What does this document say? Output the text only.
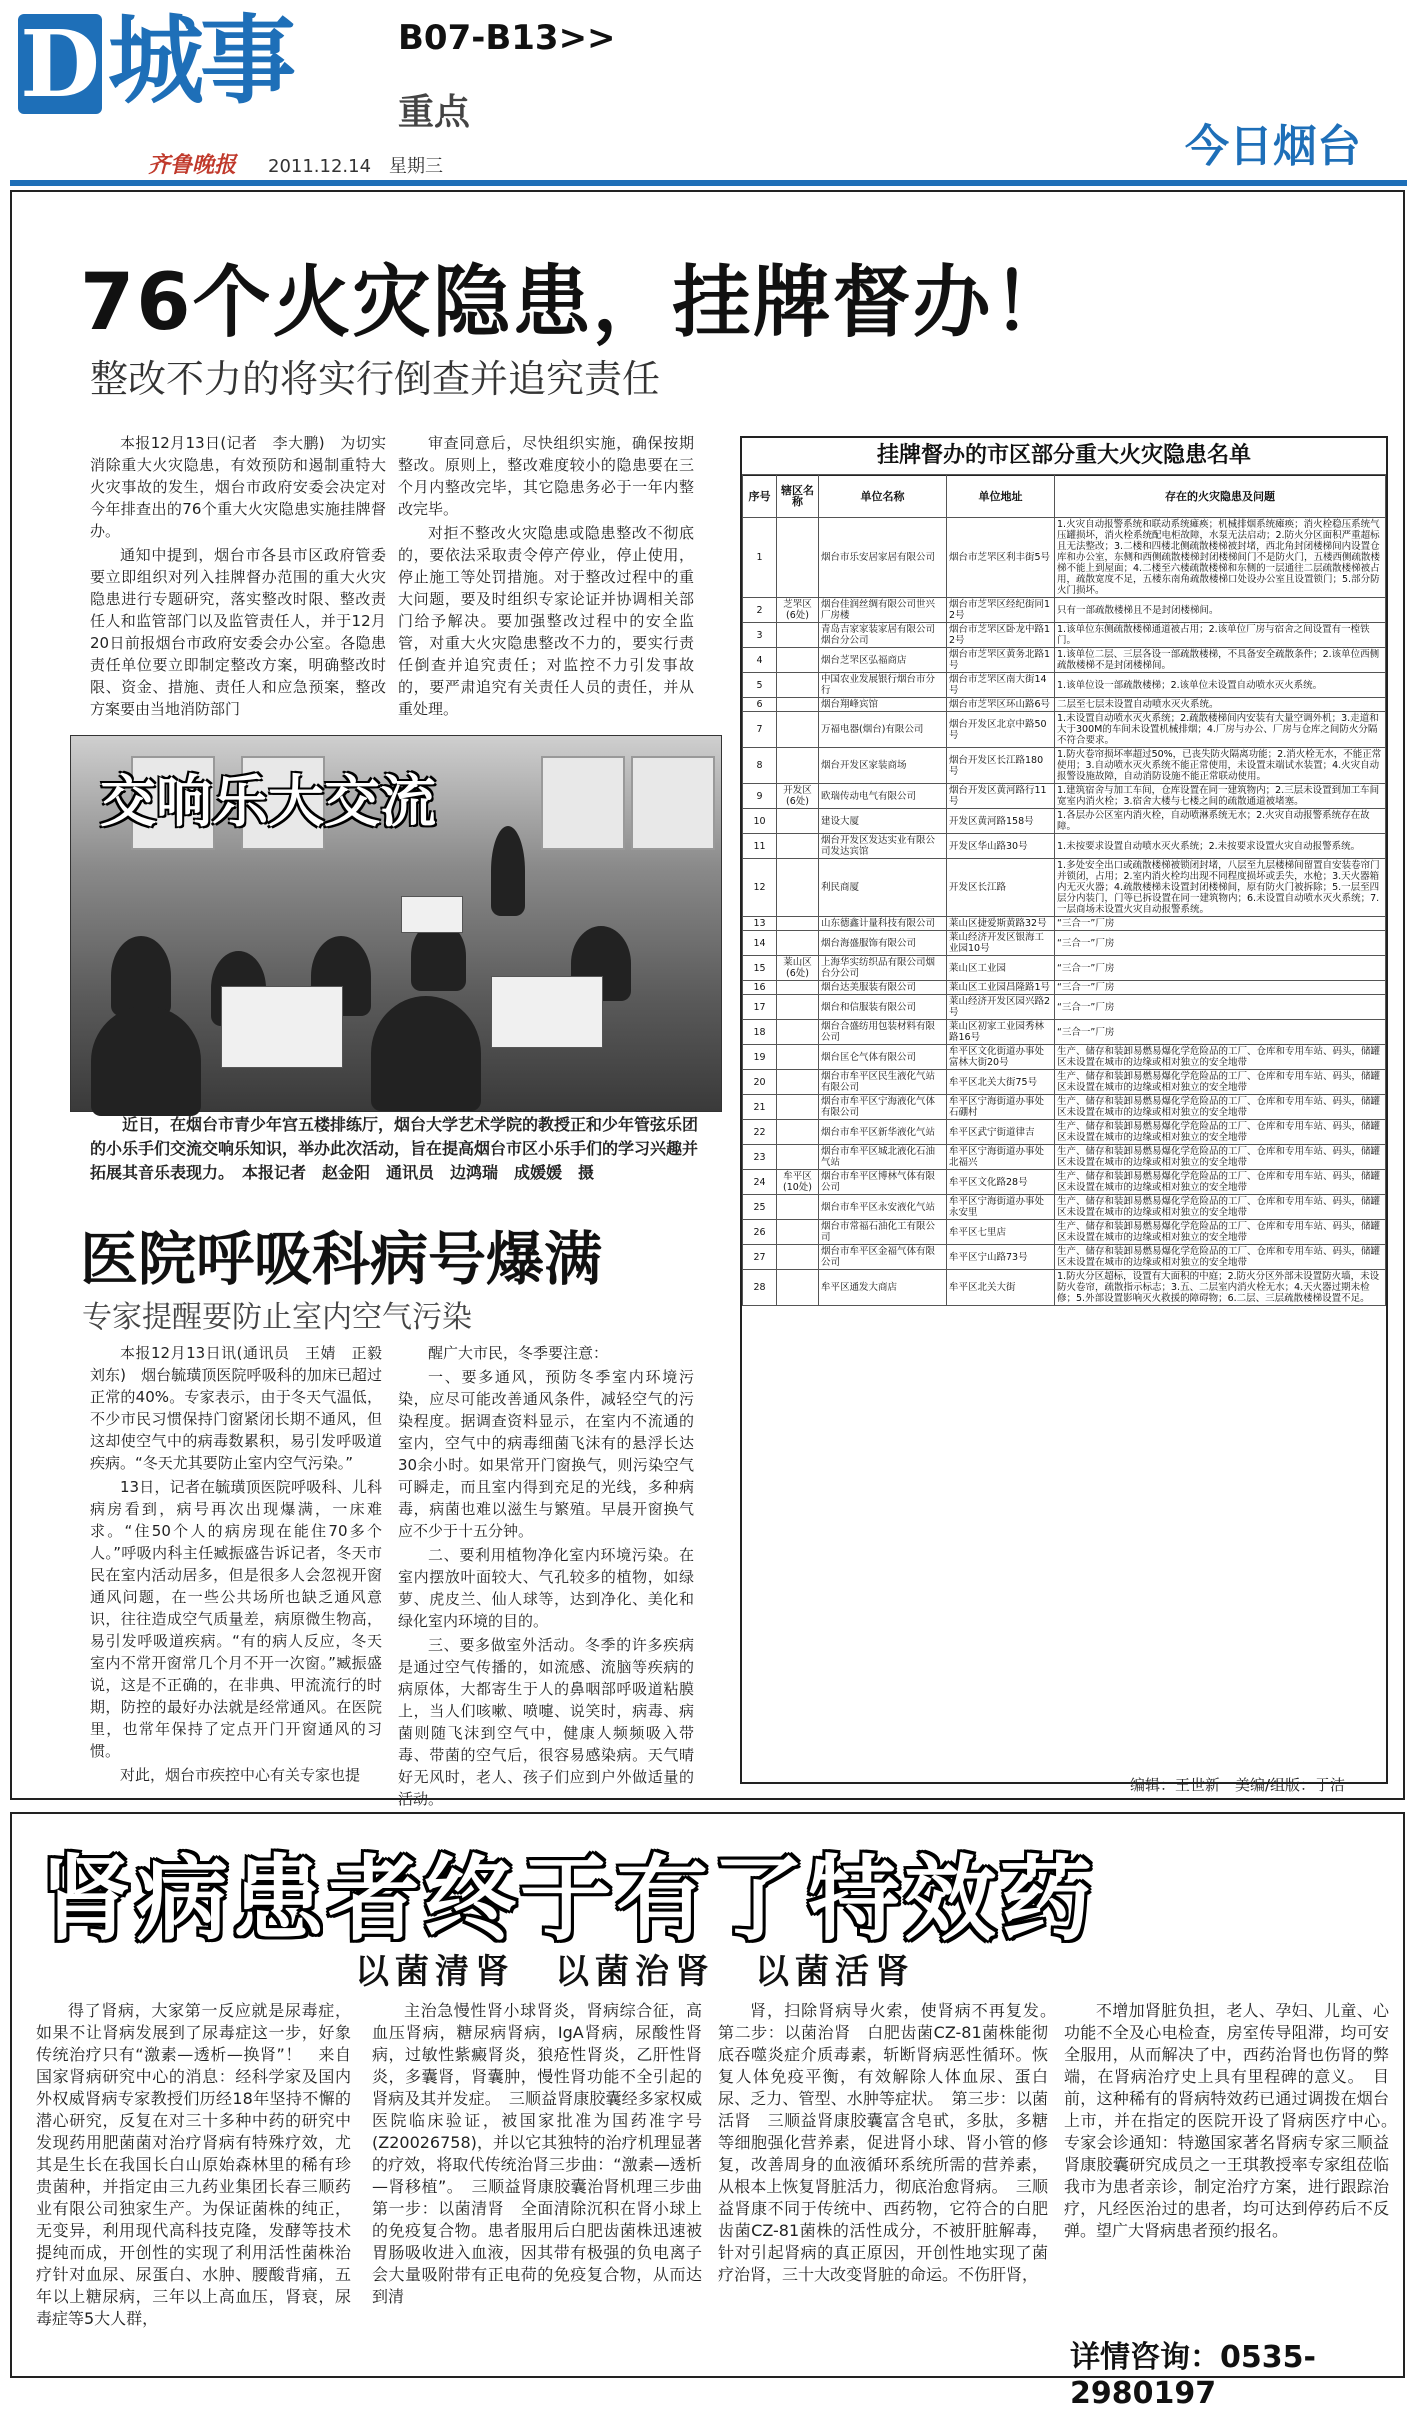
D 城事	B07-B13>>
重点
齐鲁晚报 2011.12.14　星期三	今日烟台
76个火灾隐患，挂牌督办！
整改不力的将实行倒查并追究责任

本报12月13日(记者　李大鹏)　为切实消除重大火灾隐患，有效预防和遏制重特大火灾事故的发生，烟台市政府安委会决定对今年排查出的76个重大火灾隐患实施挂牌督办。

通知中提到，烟台市各县市区政府管委要立即组织对列入挂牌督办范围的重大火灾隐患进行专题研究，落实整改时限、整改责任人和监管部门以及监管责任人，并于12月20日前报烟台市政府安委会办公室。各隐患责任单位要立即制定整改方案，明确整改时限、资金、措施、责任人和应急预案，整改方案要由当地消防部门

审查同意后，尽快组织实施，确保按期整改。原则上，整改难度较小的隐患要在三个月内整改完毕，其它隐患务必于一年内整改完毕。

对拒不整改火灾隐患或隐患整改不彻底的，要依法采取责令停产停业，停止使用，停止施工等处罚措施。对于整改过程中的重大问题，要及时组织专家论证并协调相关部门给予解决。要加强整改过程中的安全监管，对重大火灾隐患整改不力的，要实行责任倒查并追究责任；对监控不力引发事故的，要严肃追究有关责任人员的责任，并从重处理。

交响乐大交流
近日，在烟台市青少年宫五楼排练厅，烟台大学艺术学院的教授正和少年管弦乐团的小乐手们交流交响乐知识，举办此次活动，旨在提高烟台市区小乐手们的学习兴趣并拓展其音乐表现力。　本报记者　赵金阳　通讯员　边鸿瑞　成媛媛　摄
医院呼吸科病号爆满
专家提醒要防止室内空气污染

本报12月13日讯(通讯员　王婧　正毅　刘东)　烟台毓璜顶医院呼吸科的加床已超过正常的40%。专家表示，由于冬天气温低，不少市民习惯保持门窗紧闭长期不通风，但这却使空气中的病毒数累积，易引发呼吸道疾病。“冬天尤其要防止室内空气污染。”

13日，记者在毓璜顶医院呼吸科、儿科病房看到，病号再次出现爆满，一床难求。“住50个人的病房现在能住70多个人。”呼吸内科主任臧振盛告诉记者，冬天市民在室内活动居多，但是很多人会忽视开窗通风问题，在一些公共场所也缺乏通风意识，往往造成空气质量差，病原微生物高，易引发呼吸道疾病。“有的病人反应，冬天室内不常开窗常几个月不开一次窗。”臧振盛说，这是不正确的，在非典、甲流流行的时期，防控的最好办法就是经常通风。在医院里，也常年保持了定点开门开窗通风的习惯。

对此，烟台市疾控中心有关专家也提

醒广大市民，冬季要注意：

一、要多通风，预防冬季室内环境污染，应尽可能改善通风条件，减轻空气的污染程度。据调查资料显示，在室内不流通的室内，空气中的病毒细菌飞沫有的悬浮长达30余小时。如果常开门窗换气，则污染空气可瞬走，而且室内得到充足的光线，多种病毒，病菌也难以滋生与繁殖。早晨开窗换气应不少于十五分钟。

二、要利用植物净化室内环境污染。在室内摆放叶面较大、气孔较多的植物，如绿萝、虎皮兰、仙人球等，达到净化、美化和绿化室内环境的目的。

三、要多做室外活动。冬季的许多疾病是通过空气传播的，如流感、流脑等疾病的病原体，大都寄生于人的鼻咽部呼吸道粘膜上，当人们咳嗽、喷嚏、说笑时，病毒、病菌则随飞沫到空气中，健康人频频吸入带毒、带菌的空气后，很容易感染病。天气晴好无风时，老人、孩子们应到户外做适量的活动。

挂牌督办的市区部分重大火灾隐患名单
序号	辖区名称	单位名称	单位地址	存在的火灾隐患及问题
1		烟台市乐安居家居有限公司	烟台市芝罘区利丰街5号	1.火灾自动报警系统和联动系统瘫痪；机械排烟系统瘫痪；消火栓稳压系统气压罐损坏，消火栓系统配电柜故障，水泵无法启动；2.防火分区面积严重超标且无法整改；3.二楼和四楼北侧疏散楼梯被封堵，西北角封闭楼梯间内设置仓库和办公室，东侧和西侧疏散楼梯封闭楼梯间门不是防火门，五楼西侧疏散楼梯不能上到屋面；4.二楼至六楼疏散楼梯和东侧的一层通往二层疏散楼梯被占用，疏散宽度不足，五楼东南角疏散楼梯口处设办公室且设置锁门；5.部分防火门损坏。
2	芝罘区(6处)	烟台佳润丝绸有限公司世兴厂房楼	烟台市芝罘区经纪街同12号	只有一部疏散楼梯且不是封闭楼梯间。
3		青岛吉家家装家居有限公司烟台分公司	烟台市芝罘区卧龙中路12号	1.该单位东侧疏散楼梯通道被占用；2.该单位厂房与宿舍之间设置有一樘铁门。
4		烟台芝罘区弘福商店	烟台市芝罘区黄务北路1号	1.该单位二层、三层各设一部疏散楼梯，不具备安全疏散条件；2.该单位西侧疏散楼梯不是封闭楼梯间。
5		中国农业发展银行烟台市分行	烟台市芝罘区南大街14号	1.该单位设一部疏散楼梯；2.该单位未设置自动喷水灭火系统。
6		烟台翔峰宾馆	烟台市芝罘区环山路6号	二层至七层未设置自动喷水灭火系统。
7		万福电器(烟台)有限公司	烟台开发区北京中路50号	1.未设置自动喷水灭火系统；2.疏散楼梯间内安装有大量空调外机；3.走道和大于300M的车间未设置机械排烟；4.厂房与办公、厂房与仓库之间防火分隔不符合要求。
8		烟台开发区家装商场	烟台开发区长江路180号	1.防火卷帘损坏率超过50%，已丧失防火隔离功能；2.消火栓无水，不能正常使用；3.自动喷水灭火系统不能正常使用，未设置末端试水装置；4.火灾自动报警设施故障，自动消防设施不能正常联动使用。
9	开发区(6处)	欧瑞传动电气有限公司	烟台开发区黄河路行11号	1.建筑宿舍与加工车间，仓库设置在同一建筑物内；2.三层未设置到加工车间宽室内消火栓；3.宿舍大楼与七楼之间的疏散通道被堵塞。
10		建设大厦	开发区黄河路158号	1.各层办公区室内消火栓，自动喷淋系统无水；2.火灾自动报警系统存在故障。
11		烟台开发区发达实业有限公司发达宾馆	开发区华山路30号	1.未按要求设置自动喷水灭火系统；2.未按要求设置火灾自动报警系统。
12		利民商厦	开发区长江路	1.多处安全出口或疏散楼梯被锁闭封堵，八层至九层楼梯间留置自安装卷帘门并锁闭，占用；2.室内消火栓均出现不同程度损坏或丢失，水枪；3.天火器箱内无灭火器；4.疏散楼梯未设置封闭楼梯间，原有防火门被拆除；5.一层至四层分内装门，门等已拆设置在同一建筑物内；6.未设置自动喷水灭火系统；7.一层商场未设置火灾自动报警系统。
13		山东德鑫计量科技有限公司	莱山区捷爱斯黄路32号	“三合一”厂房
14		烟台海盛服饰有限公司	莱山经济开发区银海工业园10号	“三合一”厂房
15	莱山区(6处)	上海华实纺织品有限公司烟台分公司	莱山区工业园	“三合一”厂房
16		烟台达美服装有限公司	莱山区工业园昌隆路1号	“三合一”厂房
17		烟台和信服装有限公司	莱山经济开发区园兴路2号	“三合一”厂房
18		烟台合盛纺用包装材料有限公司	莱山区初家工业园秀林路16号	“三合一”厂房
19		烟台匡仑气体有限公司	牟平区文化街道办事处富林大街20号	生产、储存和装卸易燃易爆化学危险品的工厂、仓库和专用车站、码头，储罐区未设置在城市的边缘或相对独立的安全地带
20		烟台市牟平区民生液化气站有限公司	牟平区北关大街75号	生产、储存和装卸易燃易爆化学危险品的工厂、仓库和专用车站、码头，储罐区未设置在城市的边缘或相对独立的安全地带
21		烟台市牟平区宁海液化气体有限公司	牟平区宁海街道办事处石硼村	生产、储存和装卸易燃易爆化学危险品的工厂、仓库和专用车站、码头，储罐区未设置在城市的边缘或相对独立的安全地带
22		烟台市牟平区新华液化气站	牟平区武宁街道律吉	生产、储存和装卸易燃易爆化学危险品的工厂、仓库和专用车站、码头，储罐区未设置在城市的边缘或相对独立的安全地带
23		烟台市牟平区城北液化石油气站	牟平区宁海街道办事处北福兴	生产、储存和装卸易燃易爆化学危险品的工厂、仓库和专用车站、码头，储罐区未设置在城市的边缘或相对独立的安全地带
24	牟平区(10处)	烟台市牟平区博林气体有限公司	牟平区文化路28号	生产、储存和装卸易燃易爆化学危险品的工厂、仓库和专用车站、码头，储罐区未设置在城市的边缘或相对独立的安全地带
25		烟台市牟平区永安液化气站	牟平区宁海街道办事处永安里	生产、储存和装卸易燃易爆化学危险品的工厂、仓库和专用车站、码头，储罐区未设置在城市的边缘或相对独立的安全地带
26		烟台市常福石油化工有限公司	牟平区七里店	生产、储存和装卸易燃易爆化学危险品的工厂、仓库和专用车站、码头，储罐区未设置在城市的边缘或相对独立的安全地带
27		烟台市牟平区金福气体有限公司	牟平区宁山路73号	生产、储存和装卸易燃易爆化学危险品的工厂、仓库和专用车站、码头，储罐区未设置在城市的边缘或相对独立的安全地带
28		牟平区通发大商店	牟平区北关大街	1.防火分区超标，设置有大面积的中庭；2.防火分区外部未设置防火墙，未设防火卷帘，疏散指示标志；3.五、二层室内消火栓无水；4.天火器过期未检修；5.外部设置影响灭火救援的障碍物；6.二层、三层疏散楼梯设置不足。
编辑：王世新　美编/组版：于洁
肾病患者终于有了特效药
以菌清肾　以菌治肾　以菌活肾

得了肾病，大家第一反应就是尿毒症，如果不让肾病发展到了尿毒症这一步，好象传统治疗只有“激素—透析—换肾”！　来自国家肾病研究中心的消息：经科学家及国内外权威肾病专家教授们历经18年坚持不懈的潜心研究，反复在对三十多种中药的研究中发现药用肥菌菌对治疗肾病有特殊疗效，尤其是生长在我国长白山原始森林里的稀有珍贵菌种，并指定由三九药业集团长春三顺药业有限公司独家生产。为保证菌株的纯正，无变异，利用现代高科技克隆，发酵等技术提纯而成，开创性的实现了利用活性菌株治疗针对血尿、尿蛋白、水肿、腰酸背痛，五年以上糖尿病，三年以上高血压，肾衰，尿毒症等5大人群，

主治急慢性肾小球肾炎，肾病综合征，高血压肾病，糖尿病肾病，IgA肾病，尿酸性肾病，过敏性紫癜肾炎，狼疮性肾炎，乙肝性肾炎，多囊肾，肾囊肿，慢性肾功能不全引起的肾病及其并发症。　三顺益肾康胶囊经多家权威医院临床验证，被国家批准为国药准字号(Z20026758)，并以它其独特的治疗机理显著的疗效，将取代传统治肾三步曲：“激素—透析—肾移植”。　三顺益肾康胶囊治肾机理三步曲　第一步：以菌清肾　全面清除沉积在肾小球上的免疫复合物。患者服用后白肥齿菌株迅速被胃肠吸收进入血液，因其带有极强的负电离子会大量吸附带有正电荷的免疫复合物，从而达到清

肾，扫除肾病导火索，使肾病不再复发。　第二步：以菌治肾　白肥齿菌CZ-81菌株能彻底吞噬炎症介质毒素，斩断肾病恶性循环。恢复人体免疫平衡，有效解除人体血尿、蛋白尿、乏力、管型、水肿等症状。　第三步：以菌活肾　三顺益肾康胶囊富含皂甙，多肽，多糖等细胞强化营养素，促进肾小球、肾小管的修复，改善周身的血液循环系统所需的营养素，从根本上恢复肾脏活力，彻底治愈肾病。　三顺益肾康不同于传统中、西药物，它符合的白肥齿菌CZ-81菌株的活性成分，不被肝脏解毒，针对引起肾病的真正原因，开创性地实现了菌疗治肾，三十大改变肾脏的命运。不伤肝肾，

不增加肾脏负担，老人、孕妇、儿童、心功能不全及心电检查，房室传导阻滞，均可安全服用，从而解决了中，西药治肾也伤肾的弊端，在肾病治疗史上具有里程碑的意义。　目前，这种稀有的肾病特效药已通过调拨在烟台上市，并在指定的医院开设了肾病医疗中心。　专家会诊通知：特邀国家著名肾病专家三顺益肾康胶囊研究成员之一王琪教授率专家组莅临我市为患者亲诊，制定治疗方案，进行跟踪治疗，凡经医治过的患者，均可达到停药后不反弹。望广大肾病患者预约报名。

详情咨询：0535-2980197
